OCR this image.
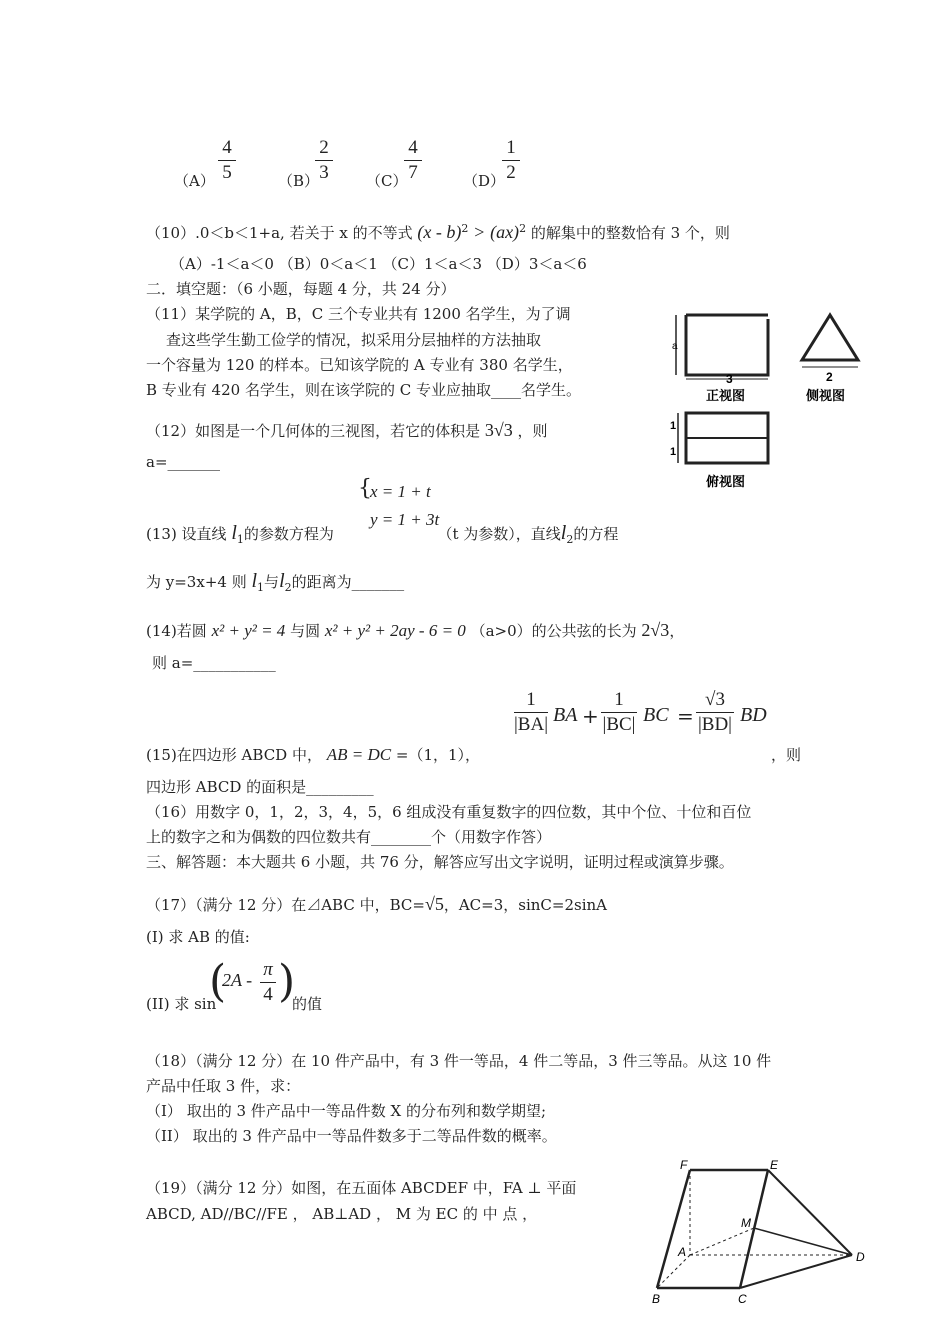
（A）
4
5	（B）
2
3 （C）
4
7	（D）
1
2
（10）.0＜b＜1+a, 若关于 x 的不等式 (x - b)$^2$ > (ax)$^2$ 的解集中的整数恰有 3 个，则
（A）-1＜a＜0 （B）0＜a＜1 （C）1＜a＜3 （D）3＜a＜6
二．填空题：（6 小题，每题 4 分，共 24 分）
（11）某学院的 A，B，C 三个专业共有 1200 名学生，为了调
查这些学生勤工俭学的情况，拟采用分层抽样的方法抽取
一个容量为 120 的样本。已知该学院的 A 专业有 380 名学生，
B 专业有 420 名学生，则在该学院的 C 专业应抽取____名学生。
a
3
正视图
2
侧视图
1
1
俯视图
（12）如图是一个几何体的三视图，若它的体积是 3√3 ，则
a=_______
{
x = 1 + t
y = 1 + 3t
(13) 设直线 $l_1$的参数方程为	（t 为参数），直线$l_2$的方程
为 y=3x+4 则 $l_1$与$l_2$的距离为_______
(14)若圆 x² + y² = 4 与圆 x² + y² + 2ay - 6 = 0 （a>0）的公共弦的长为 2√3，
则 a=___________
1
|BA| BA +
1
|BC| BC =
√3
|BD| BD
(15)在四边形 ABCD 中， AB = DC =（1，1），	，则
四边形 ABCD 的面积是_________
（16）用数字 0，1，2，3，4，5，6 组成没有重复数字的四位数，其中个位、十位和百位
上的数字之和为偶数的四位数共有________个（用数字作答）
三、解答题：本大题共 6 小题，共 76 分，解答应写出文字说明，证明过程或演算步骤。
（17）（满分 12 分）在⊿ABC 中，BC=√5，AC=3，sinC=2sinA
(I) 求 AB 的值:
(II) 求 sin
(
2A - π
4 )
的值
（18）（满分 12 分）在 10 件产品中，有 3 件一等品，4 件二等品，3 件三等品。从这 10 件
产品中任取 3 件，求：
（I） 取出的 3 件产品中一等品件数 X 的分布列和数学期望;
（II） 取出的 3 件产品中一等品件数多于二等品件数的概率。
（19）（满分 12 分）如图，在五面体 ABCDEF 中，FA ⊥ 平面
ABCD, AD//BC//FE ， AB⊥AD ， M 为 EC 的 中 点 ，
F	E
M
A	D
B	C
